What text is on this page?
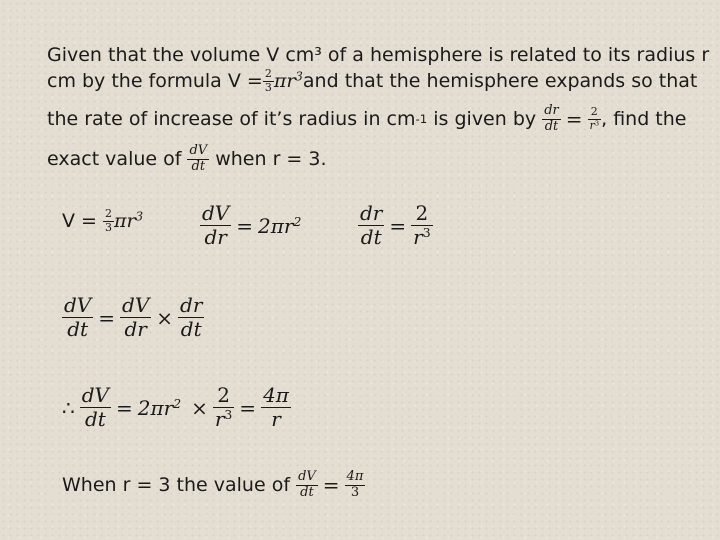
Given that the volume V cm³ of a hemisphere is related to its radius r
cm by the formula $V = \frac{2}{3} \pi r^3$ and that the hemisphere expands so that
the rate of increase of it’s radius in cm -1 is given by $\frac{dr}{dt} = \frac{2}{r^3}$ , find the
exact value of $\frac{dV}{dt}$ when r = 3.
$V = \frac{2}{3} \pi r^3$	$\frac{dV}{dr} = 2\pi r^2$	$\frac{dr}{dt} = \frac{2}{r^3}$
$\frac{dV}{dt} = \frac{dV}{dr} \times \frac{dr}{dt}$
∴ $\frac{dV}{dt} = 2\pi r^2 \times \frac{2}{r^3} = \frac{4\pi}{r}$
When r = 3 the value of $\frac{dV}{dt} = \frac{4\pi}{3}$
